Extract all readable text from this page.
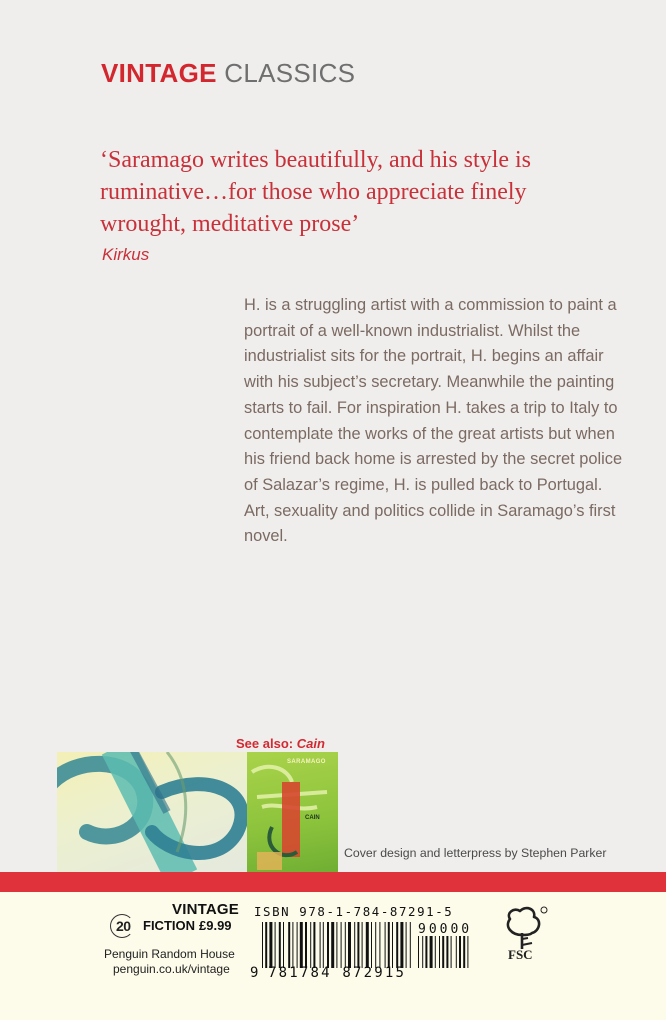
VINTAGE CLASSICS

‘Saramago writes beautifully, and his style is ruminative…for those who appreciate finely wrought, meditative prose’

Kirkus

H. is a struggling artist with a commission to paint a portrait of a well-known industrialist. Whilst the industrialist sits for the portrait, H. begins an affair with his subject’s secretary. Meanwhile the painting starts to fail. For inspiration H. takes a trip to Italy to contemplate the works of the great artists but when his friend back home is arrested by the secret police of Salazar’s regime, H. is pulled back to Portugal. Art, sexuality and politics collide in Saramago’s first novel.

See also: Cain
SARAMAGO
CAIN
Cover design and letterpress by Stephen Parker
20
VINTAGE
FICTION £9.99
Penguin Random House
penguin.co.uk/vintage
ISBN 978-1-784-87291-5
9 781784 872915
90000
FSC
